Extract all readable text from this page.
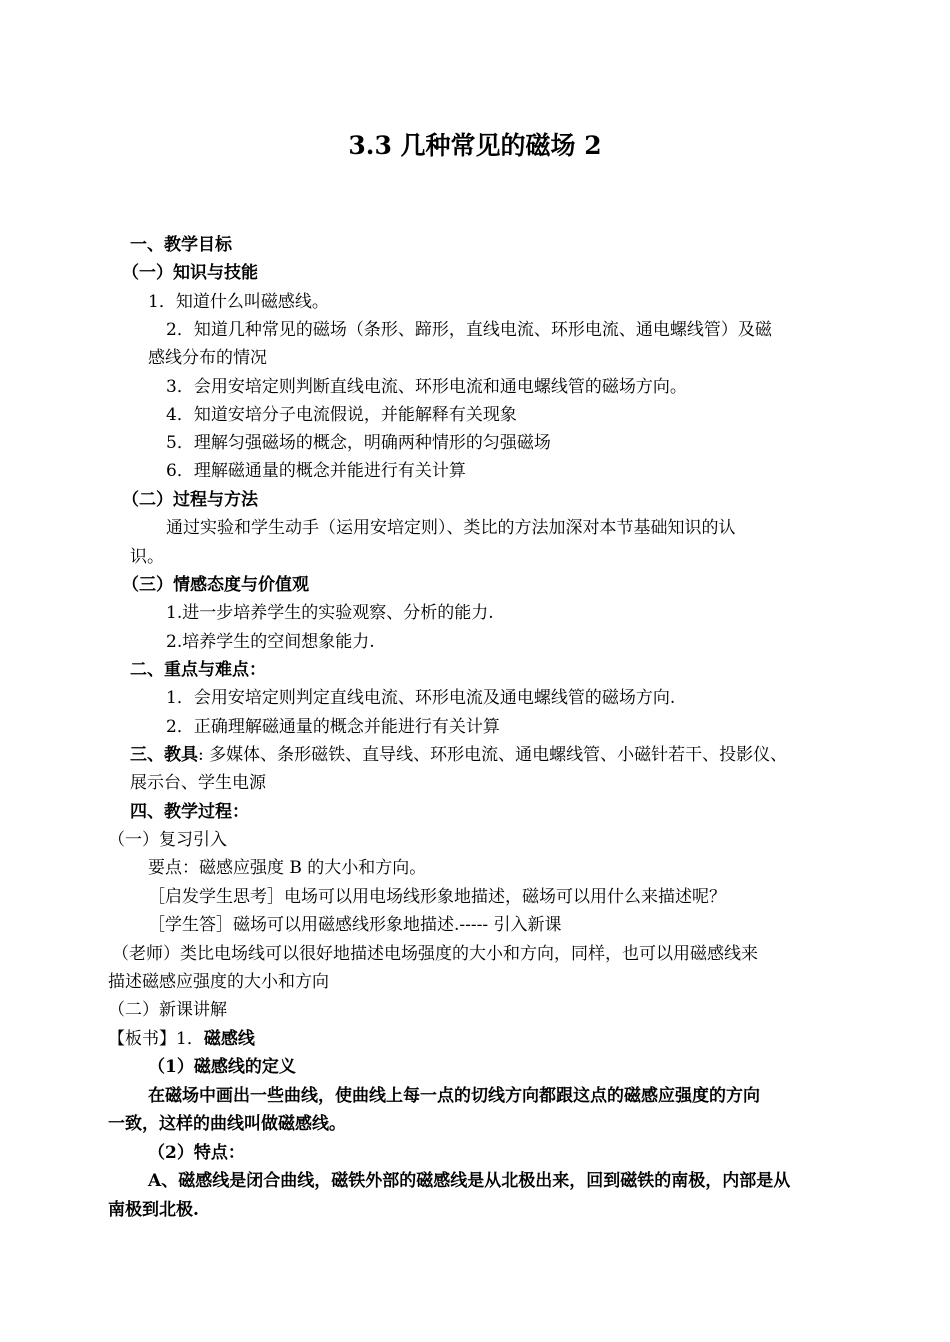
3.3 几种常见的磁场 2
一、教学目标
（一）知识与技能
1．知道什么叫磁感线。
2．知道几种常见的磁场（条形、蹄形，直线电流、环形电流、通电螺线管）及磁
感线分布的情况
3．会用安培定则判断直线电流、环形电流和通电螺线管的磁场方向。
4．知道安培分子电流假说，并能解释有关现象
5．理解匀强磁场的概念，明确两种情形的匀强磁场
6．理解磁通量的概念并能进行有关计算
（二）过程与方法
通过实验和学生动手（运用安培定则）、类比的方法加深对本节基础知识的认
识。
（三）情感态度与价值观
1.进一步培养学生的实验观察、分析的能力.
2.培养学生的空间想象能力.
二、重点与难点：
1．会用安培定则判定直线电流、环形电流及通电螺线管的磁场方向.
2．正确理解磁通量的概念并能进行有关计算
三、教具: 多媒体、条形磁铁、直导线、环形电流、通电螺线管、小磁针若干、投影仪、
展示台、学生电源
四、教学过程：
（一）复习引入
要点：磁感应强度 B 的大小和方向。
［启发学生思考］电场可以用电场线形象地描述，磁场可以用什么来描述呢？
［学生答］磁场可以用磁感线形象地描述.----- 引入新课
（老师）类比电场线可以很好地描述电场强度的大小和方向，同样，也可以用磁感线来
描述磁感应强度的大小和方向
（二）新课讲解
【板书】1．磁感线
（1）磁感线的定义
在磁场中画出一些曲线，使曲线上每一点的切线方向都跟这点的磁感应强度的方向
一致，这样的曲线叫做磁感线。
（2）特点：
A、磁感线是闭合曲线，磁铁外部的磁感线是从北极出来，回到磁铁的南极，内部是从
南极到北极.
